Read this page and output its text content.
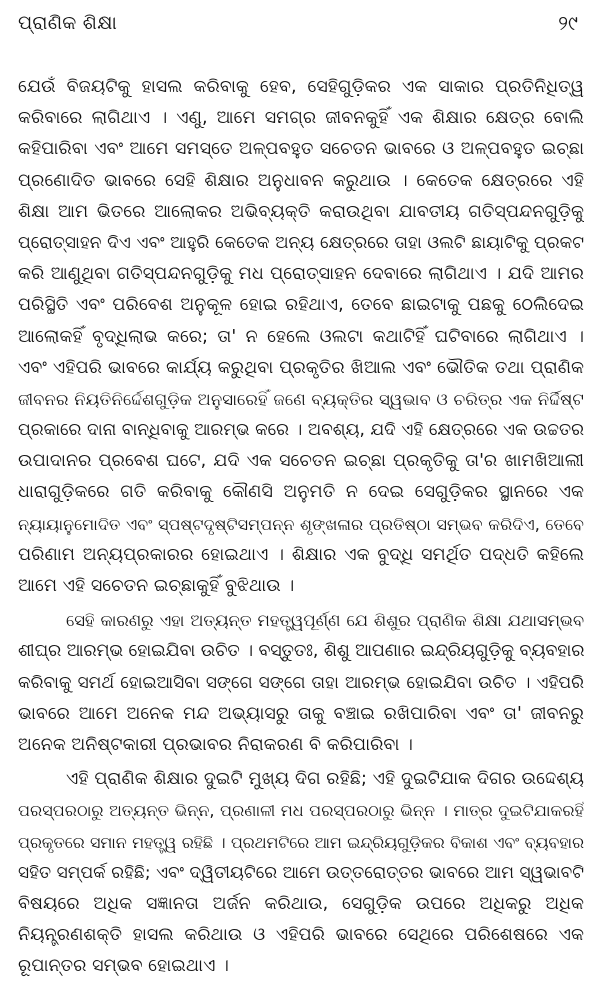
ପ୍ରାଣିକ ଶିକ୍ଷା	୨୯
ଯେଉଁ ବିଜୟଟିକୁ ହାସଲ କରିବାକୁ ହେବ, ସେହିଗୁଡ଼ିକର ଏକ ସାକାର ପ୍ରତିନିଧିତ୍ୱ
କରିବାରେ ଲାଗିଥାଏ । ଏଣୁ, ଆମେ ସମଗ୍ର ଜୀବନକୁହିଁ ଏକ ଶିକ୍ଷାର କ୍ଷେତ୍ର ବୋଲି
କହିପାରିବା ଏବଂ ଆମେ ସମସ୍ତେ ଅଳ୍ପବହୁତ ସଚେତନ ଭାବରେ ଓ ଅଳ୍ପବହୁତ ଇଚ୍ଛା
ପ୍ରଣୋଦିତ ଭାବରେ ସେହି ଶିକ୍ଷାର ଅନୁଧାବନ କରୁଥାଉ । କେତେକ କ୍ଷେତ୍ରରେ ଏହି
ଶିକ୍ଷା ଆମ ଭିତରେ ଆଲୋକର ଅଭିବ୍ୟକ୍ତି କରାଉଥିବା ଯାବତୀୟ ଗତିସ୍ପନ୍ଦନଗୁଡ଼ିକୁ
ପ୍ରୋତ୍ସାହନ ଦିଏ ଏବଂ ଆହୁରି କେତେକ ଅନ୍ୟ କ୍ଷେତ୍ରରେ ତାହା ଓଲଟି ଛାୟାଟିକୁ ପ୍ରକଟ
କରି ଆଣୁଥିବା ଗତିସ୍ପନ୍ଦନଗୁଡ଼ିକୁ ମଧ ପ୍ରୋତ୍ସାହନ ଦେବାରେ ଲାଗିଥାଏ । ଯଦି ଆମର
ପରିସ୍ଥିତି ଏବଂ ପରିବେଶ ଅନୁକୂଳ ହୋଇ ରହିଥାଏ, ତେବେ ଛାଇଟାକୁ ପଛକୁ ଠେଲିଦେଇ
ଆଲୋକହିଁ ବୃଦ୍ଧିଲାଭ କରେ; ତା' ନ ହେଲେ ଓଲଟା କଥାଟିହିଁ ଘଟିବାରେ ଲାଗିଥାଏ ।
ଏବଂ ଏହିପରି ଭାବରେ କାର୍ଯ୍ୟ କରୁଥିବା ପ୍ରକୃତିର ଖିଆଲ ଏବଂ ଭୌତିକ ତଥା ପ୍ରାଣିକ
ଜୀବନର ନିୟତିନିର୍ଦ୍ଦେଶଗୁଡ଼ିକ ଅନୁସାରେହିଁ ଜଣେ ବ୍ୟକ୍ତିର ସ୍ୱଭାବ ଓ ଚରିତ୍ର ଏକ ନିର୍ଦ୍ଦିଷ୍ଟ
ପ୍ରକାରେ ଦାନା ବାନ୍ଧିବାକୁ ଆରମ୍ଭ କରେ । ଅବଶ୍ୟ, ଯଦି ଏହି କ୍ଷେତ୍ରରେ ଏକ ଉଚ୍ଚତର
ଉପାଦାନର ପ୍ରବେଶ ଘଟେ, ଯଦି ଏକ ସଚେତନ ଇଚ୍ଛା ପ୍ରକୃତିକୁ ତା'ର ଖାମଖିଆଲୀ
ଧାରାଗୁଡ଼ିକରେ ଗତି କରିବାକୁ କୌଣସି ଅନୁମତି ନ ଦେଇ ସେଗୁଡ଼ିକର ସ୍ଥାନରେ ଏକ
ନ୍ୟାୟାନୁମୋଦିତ ଏବଂ ସ୍ପଷ୍ଟଦୃଷ୍ଟିସମ୍ପନ୍ନ ଶୃଙ୍ଖଳାର ପ୍ରତିଷ୍ଠା ସମ୍ଭବ କରିଦିଏ, ତେବେ
ପରିଣାମ ଅନ୍ୟପ୍ରକାରର ହୋଇଥାଏ । ଶିକ୍ଷାର ଏକ ବୁଦ୍ଧି ସମର୍ଥିତ ପଦ୍ଧତି କହିଲେ
ଆମେ ଏହି ସଚେତନ ଇଚ୍ଛାକୁହିଁ ବୁଝିଥାଉ ।
ସେହି କାରଣରୁ ଏହା ଅତ୍ୟନ୍ତ ମହତ୍ତ୍ୱପୂର୍ଣ୍ଣ ଯେ ଶିଶୁର ପ୍ରାଣିକ ଶିକ୍ଷା ଯଥାସମ୍ଭବ
ଶୀଘ୍ର ଆରମ୍ଭ ହୋଇଯିବା ଉଚିତ । ବସ୍ତୁତଃ, ଶିଶୁ ଆପଣାର ଇନ୍ଦ୍ରିୟଗୁଡ଼ିକୁ ବ୍ୟବହାର
କରିବାକୁ ସମର୍ଥ ହୋଇଆସିବା ସଙ୍ଗେ ସଙ୍ଗେ ତାହା ଆରମ୍ଭ ହୋଇଯିବା ଉଚିତ । ଏହିପରି
ଭାବରେ ଆମେ ଅନେକ ମନ୍ଦ ଅଭ୍ୟାସରୁ ତାକୁ ବଞ୍ଚାଇ ରଖିପାରିବା ଏବଂ ତା' ଜୀବନରୁ
ଅନେକ ଅନିଷ୍ଟକାରୀ ପ୍ରଭାବର ନିରାକରଣ ବି କରିପାରିବା ।
ଏହି ପ୍ରାଣିକ ଶିକ୍ଷାର ଦୁଇଟି ମୁଖ୍ୟ ଦିଗ ରହିଛି; ଏହି ଦୁଇଟିଯାକ ଦିଗର ଉଦ୍ଦେଶ୍ୟ
ପରସ୍ପରଠାରୁ ଅତ୍ୟନ୍ତ ଭିନ୍ନ, ପ୍ରଣାଳୀ ମଧ ପରସ୍ପରଠାରୁ ଭିନ୍ନ । ମାତ୍ର ଦୁଇଟିଯାକରହିଁ
ପ୍ରକୃତରେ ସମାନ ମହତ୍ତ୍ୱ ରହିଛି । ପ୍ରଥମଟିରେ ଆମ ଇନ୍ଦ୍ରିୟଗୁଡ଼ିକର ବିକାଶ ଏବଂ ବ୍ୟବହାର
ସହିତ ସମ୍ପର୍କ ରହିଛି; ଏବଂ ଦ୍ୱିତୀୟଟିରେ ଆମେ ଉତ୍ତରୋତ୍ତର ଭାବରେ ଆମ ସ୍ୱଭାବଟି
ବିଷୟରେ ଅଧିକ ସଜ୍ଞାନତା ଅର୍ଜନ କରିଥାଉ, ସେଗୁଡ଼ିକ ଉପରେ ଅଧିକରୁ ଅଧିକ
ନିୟନ୍ତ୍ରଣଶକ୍ତି ହାସଲ କରିଥାଉ ଓ ଏହିପରି ଭାବରେ ସେଥିରେ ପରିଶେଷରେ ଏକ
ରୂପାନ୍ତର ସମ୍ଭବ ହୋଇଥାଏ ।
